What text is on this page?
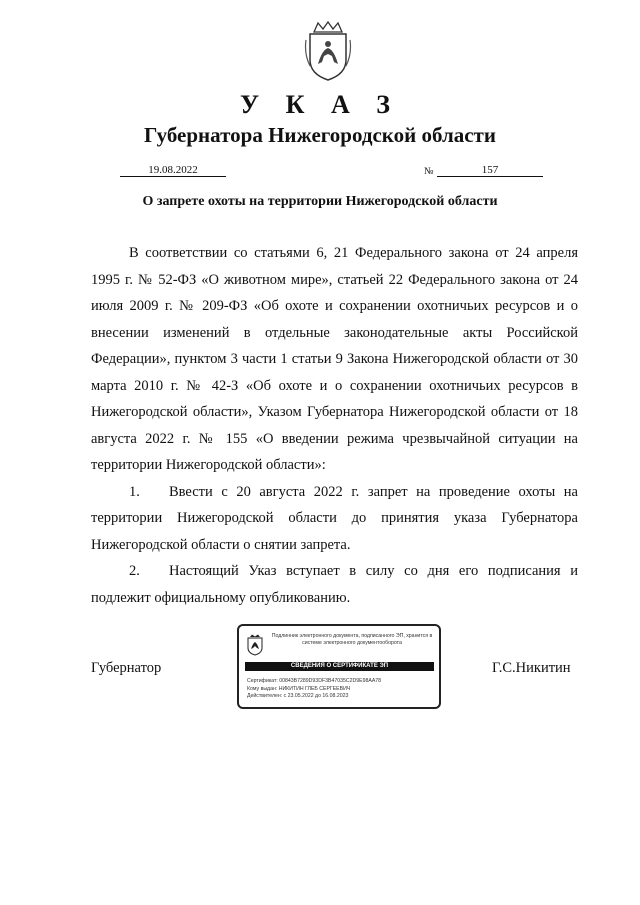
У К А З
Губернатора Нижегородской области
19.08.2022	№	157
О запрете охоты на территории Нижегородской области

В соответствии со статьями 6, 21 Федерального закона от 24 апреля 1995 г. № 52-ФЗ «О животном мире», статьей 22 Федерального закона от 24 июля 2009 г. № 209-ФЗ «Об охоте и сохранении охотничьих ресурсов и о внесении изменений в отдельные законодательные акты Российской Федерации», пунктом 3 части 1 статьи 9 Закона Нижегородской области от 30 марта 2010 г. № 42-З «Об охоте и о сохранении охотничьих ресурсов в Нижегородской области», Указом Губернатора Нижегородской области от 18 августа 2022 г. № 155 «О введении режима чрезвычайной ситуации на территории Нижегородской области»:

1. Ввести с 20 августа 2022 г. запрет на проведение охоты на территории Нижегородской области до принятия указа Губернатора Нижегородской области о снятии запрета.

2. Настоящий Указ вступает в силу со дня его подписания и подлежит официальному опубликованию.

Губернатор	Г.С.Никитин
Подлинник электронного документа, подписанного ЭП, хранится в системе электронного документооборота
СВЕДЕНИЯ О СЕРТИФИКАТЕ ЭП
Сертификат: 00843B7289D93DF3B47035C2D9E98AA78
Кому выдан: НИКИТИН ГЛЕБ СЕРГЕЕВИЧ
Действителен: с 23.05.2022 до 16.08.2023
